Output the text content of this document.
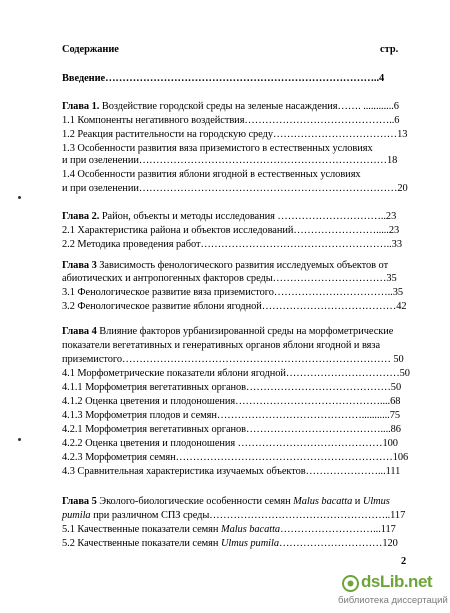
Содержание	стр.
Введение……………………………………………………………………..4
Глава 1. Воздействие городской среды на зеленые насаждения……. ............6
1.1 Компоненты негативного воздействия……………………………………..6
1.2 Реакция растительности на городскую среду………………………………13
1.3 Особенности развития вяза приземистого в естественных условиях
и при озеленении………………………………………………………………18
1.4 Особенности развития яблони ягодной в естественных условиях
и при озеленении…………………………………………………………………20
Глава 2. Район, объекты и методы исследования …………………………..23
2.1 Характеристика района и объектов исследований…………………….....23
2.2 Методика проведения работ………………………………………………..33
Глава 3 Зависимость фенологического развития исследуемых объектов от
абиотических и антропогенных факторов среды……………………………35
3.1 Фенологическое развитие вяза приземистого……………………………..35
3.2 Фенологическое развитие яблони ягодной…………………………………42
Глава 4 Влияние факторов урбанизированной среды на морфометрические
показатели вегетативных и генеративных органов яблони ягодной и вяза
приземистого…………………………………………………………………… 50
4.1 Морфометрические показатели яблони ягодной……………………………50
4.1.1 Морфометрия вегетативных органов……………………………………50
4.1.2 Оценка цветения и плодоношения……………………………………....68
4.1.3 Морфометрия плодов и семян……………………………………...........75
4.2.1 Морфометрия вегетативных органов…………………………………....86
4.2.2 Оценка цветения и плодоношения ……………………………………100
4.2.3 Морфометрия семян………………………………………………………106
4.3 Сравнительная характеристика изучаемых объектов…………………...111
Глава 5 Эколого-биологические особенности семян Malus bacatta и Ulmus
pumila при различном СПЗ среды……………………………………………..117
5.1 Качественные показатели семян Malus bacatta………………………...117
5.2 Качественные показатели семян Ulmus pumila…………………………120
2
dsLib.net
библиотека диссертаций
